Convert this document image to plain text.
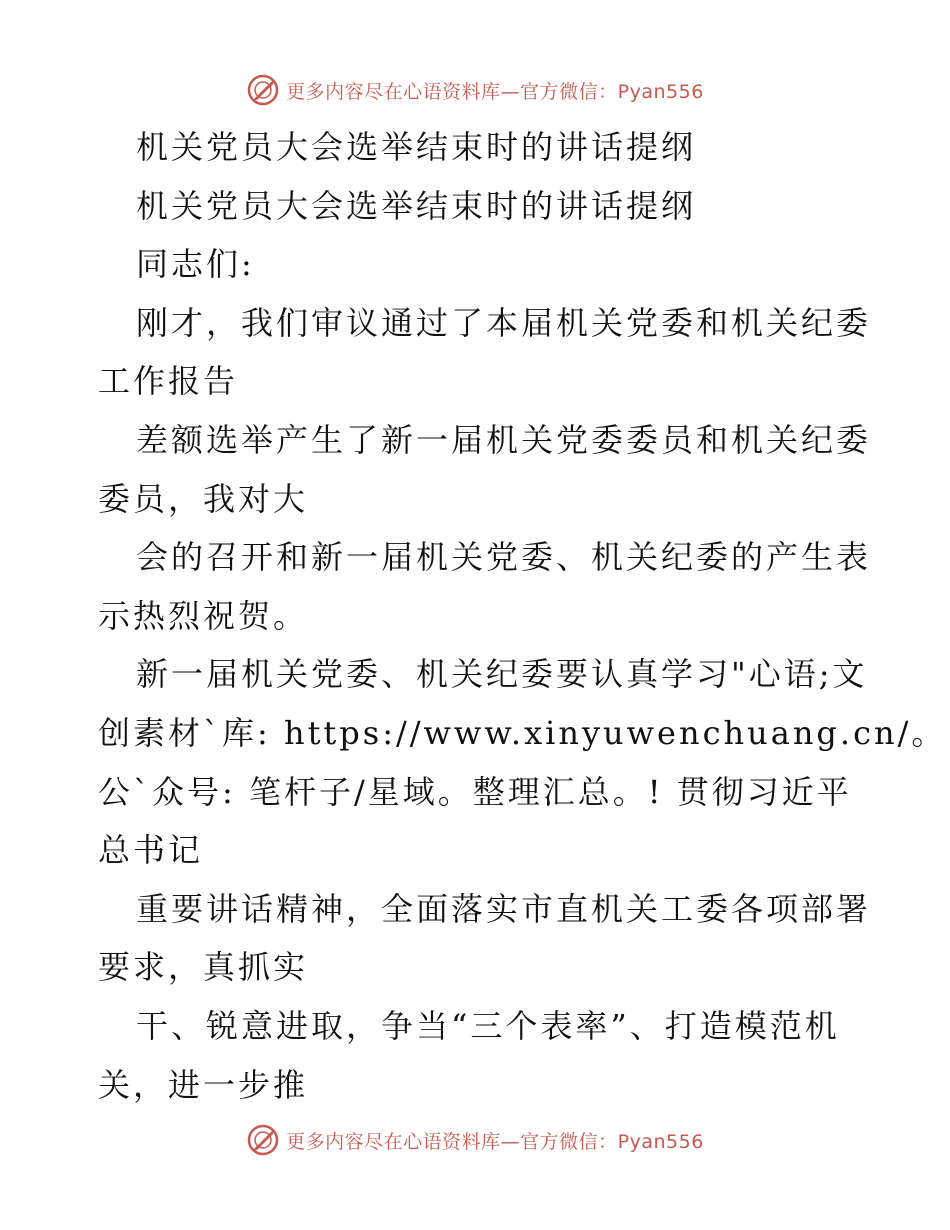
更多内容尽在心语资料库—官方微信：Pyan556
机关党员大会选举结束时的讲话提纲
机关党员大会选举结束时的讲话提纲
同志们:
刚才，我们审议通过了本届机关党委和机关纪委
工作报告
差额选举产生了新一届机关党委委员和机关纪委
委员，我对大
会的召开和新一届机关党委、机关纪委的产生表
示热烈祝贺。
新一届机关党委、机关纪委要认真学习"心语;文
创素材`库: https://www.xinyuwenchuang.cn/。
公`众号: 笔杆子/星域。整理汇总。! 贯彻习近平
总书记
重要讲话精神，全面落实市直机关工委各项部署
要求，真抓实
干、锐意进取，争当“三个表率”、打造模范机
关，进一步推
更多内容尽在心语资料库—官方微信：Pyan556
